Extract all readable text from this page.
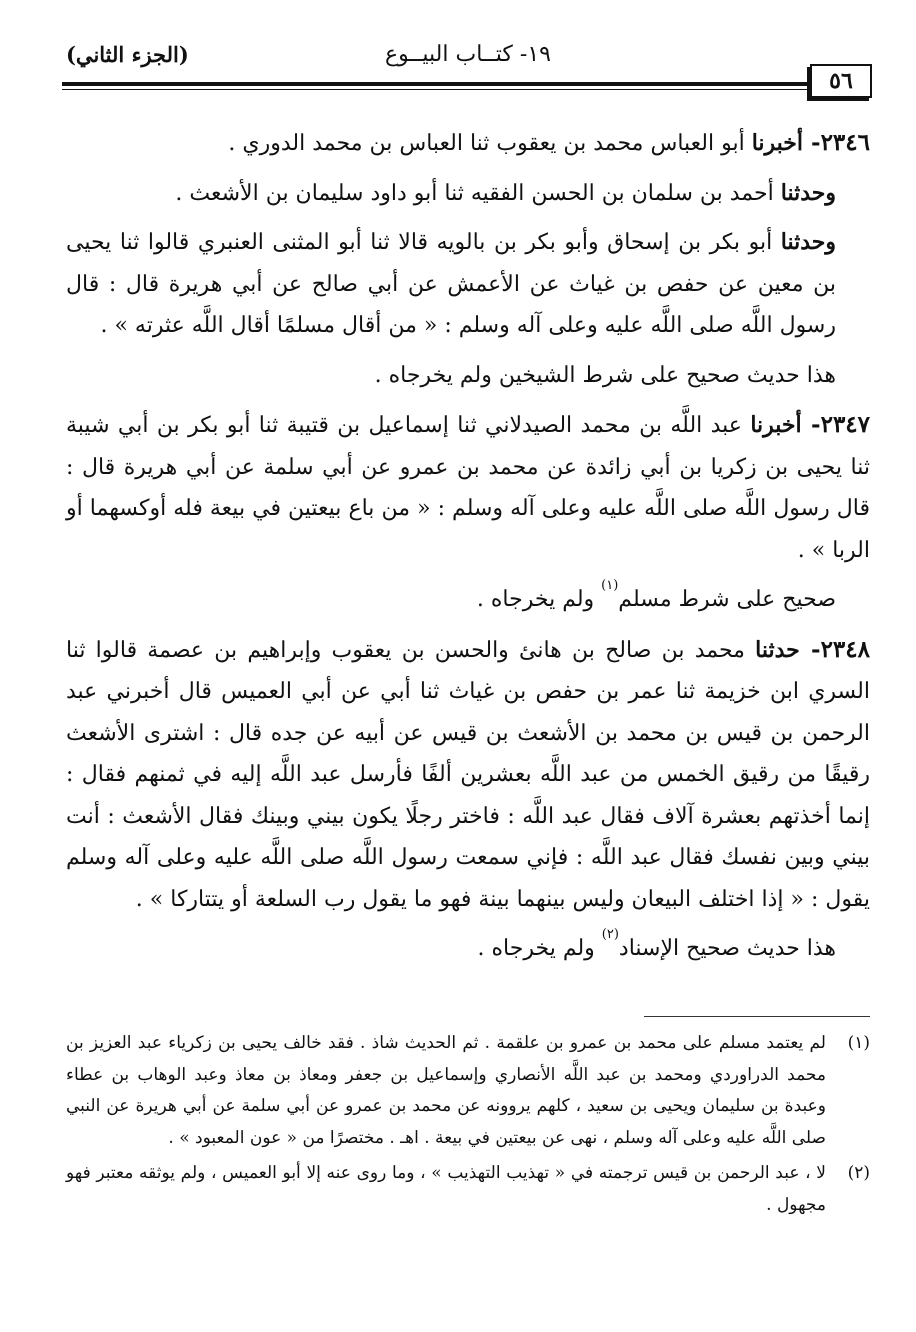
١٩- كتــاب البيــوع
(الجزء الثاني)
٥٦

٢٣٤٦- أخبرنا أبو العباس محمد بن يعقوب ثنا العباس بن محمد الدوري .

وحدثنا أحمد بن سلمان بن الحسن الفقيه ثنا أبو داود سليمان بن الأشعث .

وحدثنا أبو بكر بن إسحاق وأبو بكر بن بالويه قالا ثنا أبو المثنى العنبري قالوا ثنا يحيى بن معين عن حفص بن غياث عن الأعمش عن أبي صالح عن أبي هريرة قال : قال رسول اللَّه صلى اللَّه عليه وعلى آله وسلم : « من أقال مسلمًا أقال اللَّه عثرته » .

هذا حديث صحيح على شرط الشيخين ولم يخرجاه .

٢٣٤٧- أخبرنا عبد اللَّه بن محمد الصيدلاني ثنا إسماعيل بن قتيبة ثنا أبو بكر بن أبي شيبة ثنا يحيى بن زكريا بن أبي زائدة عن محمد بن عمرو عن أبي سلمة عن أبي هريرة قال : قال رسول اللَّه صلى اللَّه عليه وعلى آله وسلم : « من باع بيعتين في بيعة فله أوكسهما أو الربا » .

صحيح على شرط مسلم$^{(١)}$ ولم يخرجاه .

٢٣٤٨- حدثنا محمد بن صالح بن هانئ والحسن بن يعقوب وإبراهيم بن عصمة قالوا ثنا السري ابن خزيمة ثنا عمر بن حفص بن غياث ثنا أبي عن أبي العميس قال أخبرني عبد الرحمن بن قيس بن محمد بن الأشعث بن قيس عن أبيه عن جده قال : اشترى الأشعث رقيقًا من رقيق الخمس من عبد اللَّه بعشرين ألفًا فأرسل عبد اللَّه إليه في ثمنهم فقال : إنما أخذتهم بعشرة آلاف فقال عبد اللَّه : فاختر رجلًا يكون بيني وبينك فقال الأشعث : أنت بيني وبين نفسك فقال عبد اللَّه : فإني سمعت رسول اللَّه صلى اللَّه عليه وعلى آله وسلم يقول : « إذا اختلف البيعان وليس بينهما بينة فهو ما يقول رب السلعة أو يتتاركا » .

هذا حديث صحيح الإسناد$^{(٢)}$ ولم يخرجاه .

(١)
لم يعتمد مسلم على محمد بن عمرو بن علقمة . ثم الحديث شاذ . فقد خالف يحيى بن زكرياء عبد العزيز بن محمد الدراوردي ومحمد بن عبد اللَّه الأنصاري وإسماعيل بن جعفر ومعاذ بن معاذ وعبد الوهاب بن عطاء وعبدة بن سليمان ويحيى بن سعيد ، كلهم يروونه عن محمد بن عمرو عن أبي سلمة عن أبي هريرة عن النبي صلى اللَّه عليه وعلى آله وسلم ، نهى عن بيعتين في بيعة . اهـ . مختصرًا من « عون المعبود » .
(٢)
لا ، عبد الرحمن بن قيس ترجمته في « تهذيب التهذيب » ، وما روى عنه إلا أبو العميس ، ولم يوثقه معتبر فهو مجهول .
